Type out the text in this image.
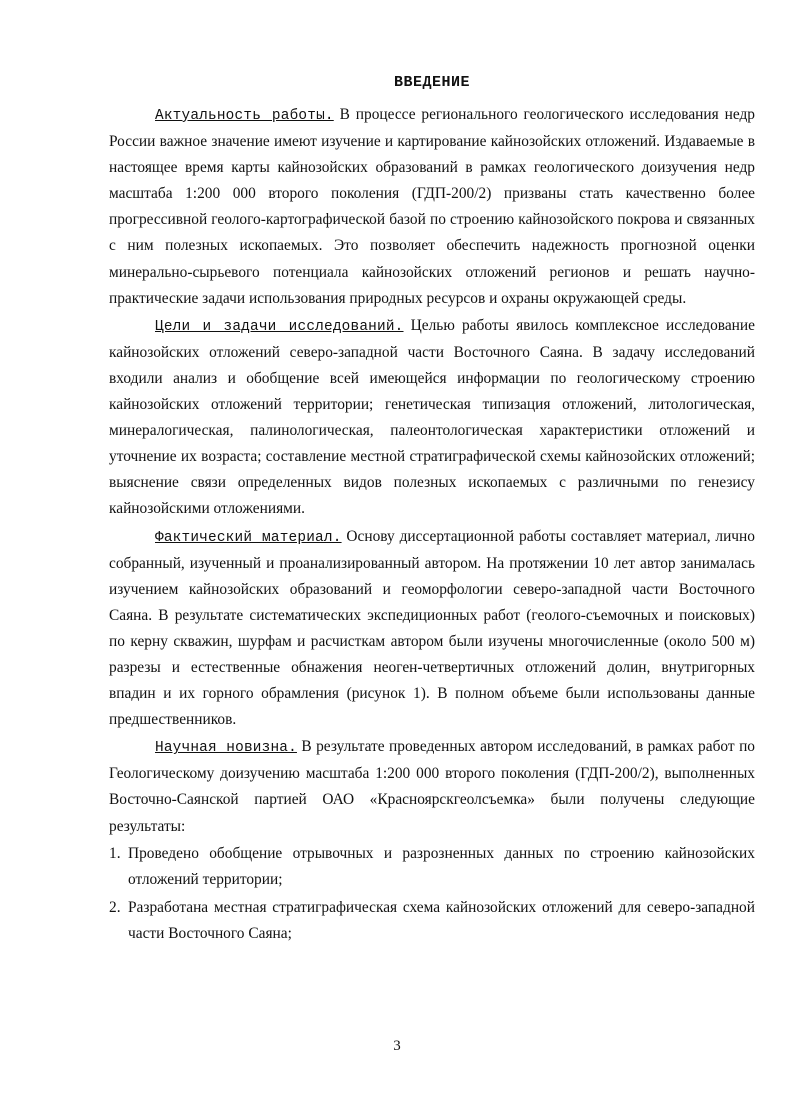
ВВЕДЕНИЕ

Актуальность работы. В процессе регионального геологического исследования недр России важное значение имеют изучение и картирование кайнозойских отложений. Издаваемые в настоящее время карты кайнозойских образований в рамках геологического доизучения недр масштаба 1:200 000 второго поколения (ГДП-200/2) призваны стать качественно более прогрессивной геолого-картографической базой по строению кайнозойского покрова и связанных с ним полезных ископаемых. Это позволяет обеспечить надежность прогнозной оценки минерально-сырьевого потенциала кайнозойских отложений регионов и решать научно-практические задачи использования природных ресурсов и охраны окружающей среды.

Цели и задачи исследований. Целью работы явилось комплексное исследование кайнозойских отложений северо-западной части Восточного Саяна. В задачу исследований входили анализ и обобщение всей имеющейся информации по геологическому строению кайнозойских отложений территории; генетическая типизация отложений, литологическая, минералогическая, палинологическая, палеонтологическая характеристики отложений и уточнение их возраста; составление местной стратиграфической схемы кайнозойских отложений; выяснение связи определенных видов полезных ископаемых с различными по генезису кайнозойскими отложениями.

Фактический материал. Основу диссертационной работы составляет материал, лично собранный, изученный и проанализированный автором. На протяжении 10 лет автор занималась изучением кайнозойских образований и геоморфологии северо-западной части Восточного Саяна. В результате систематических экспедиционных работ (геолого-съемочных и поисковых) по керну скважин, шурфам и расчисткам автором были изучены многочисленные (около 500 м) разрезы и естественные обнажения неоген-четвертичных отложений долин, внутригорных впадин и их горного обрамления (рисунок 1). В полном объеме были использованы данные предшественников.

Научная новизна. В результате проведенных автором исследований, в рамках работ по Геологическому доизучению масштаба 1:200 000 второго поколения (ГДП-200/2), выполненных Восточно-Саянской партией ОАО «Красноярскгеолсъемка» были получены следующие результаты:

1. Проведено обобщение отрывочных и разрозненных данных по строению кайнозойских отложений территории;
2. Разработана местная стратиграфическая схема кайнозойских отложений для северо-западной части Восточного Саяна;
3
